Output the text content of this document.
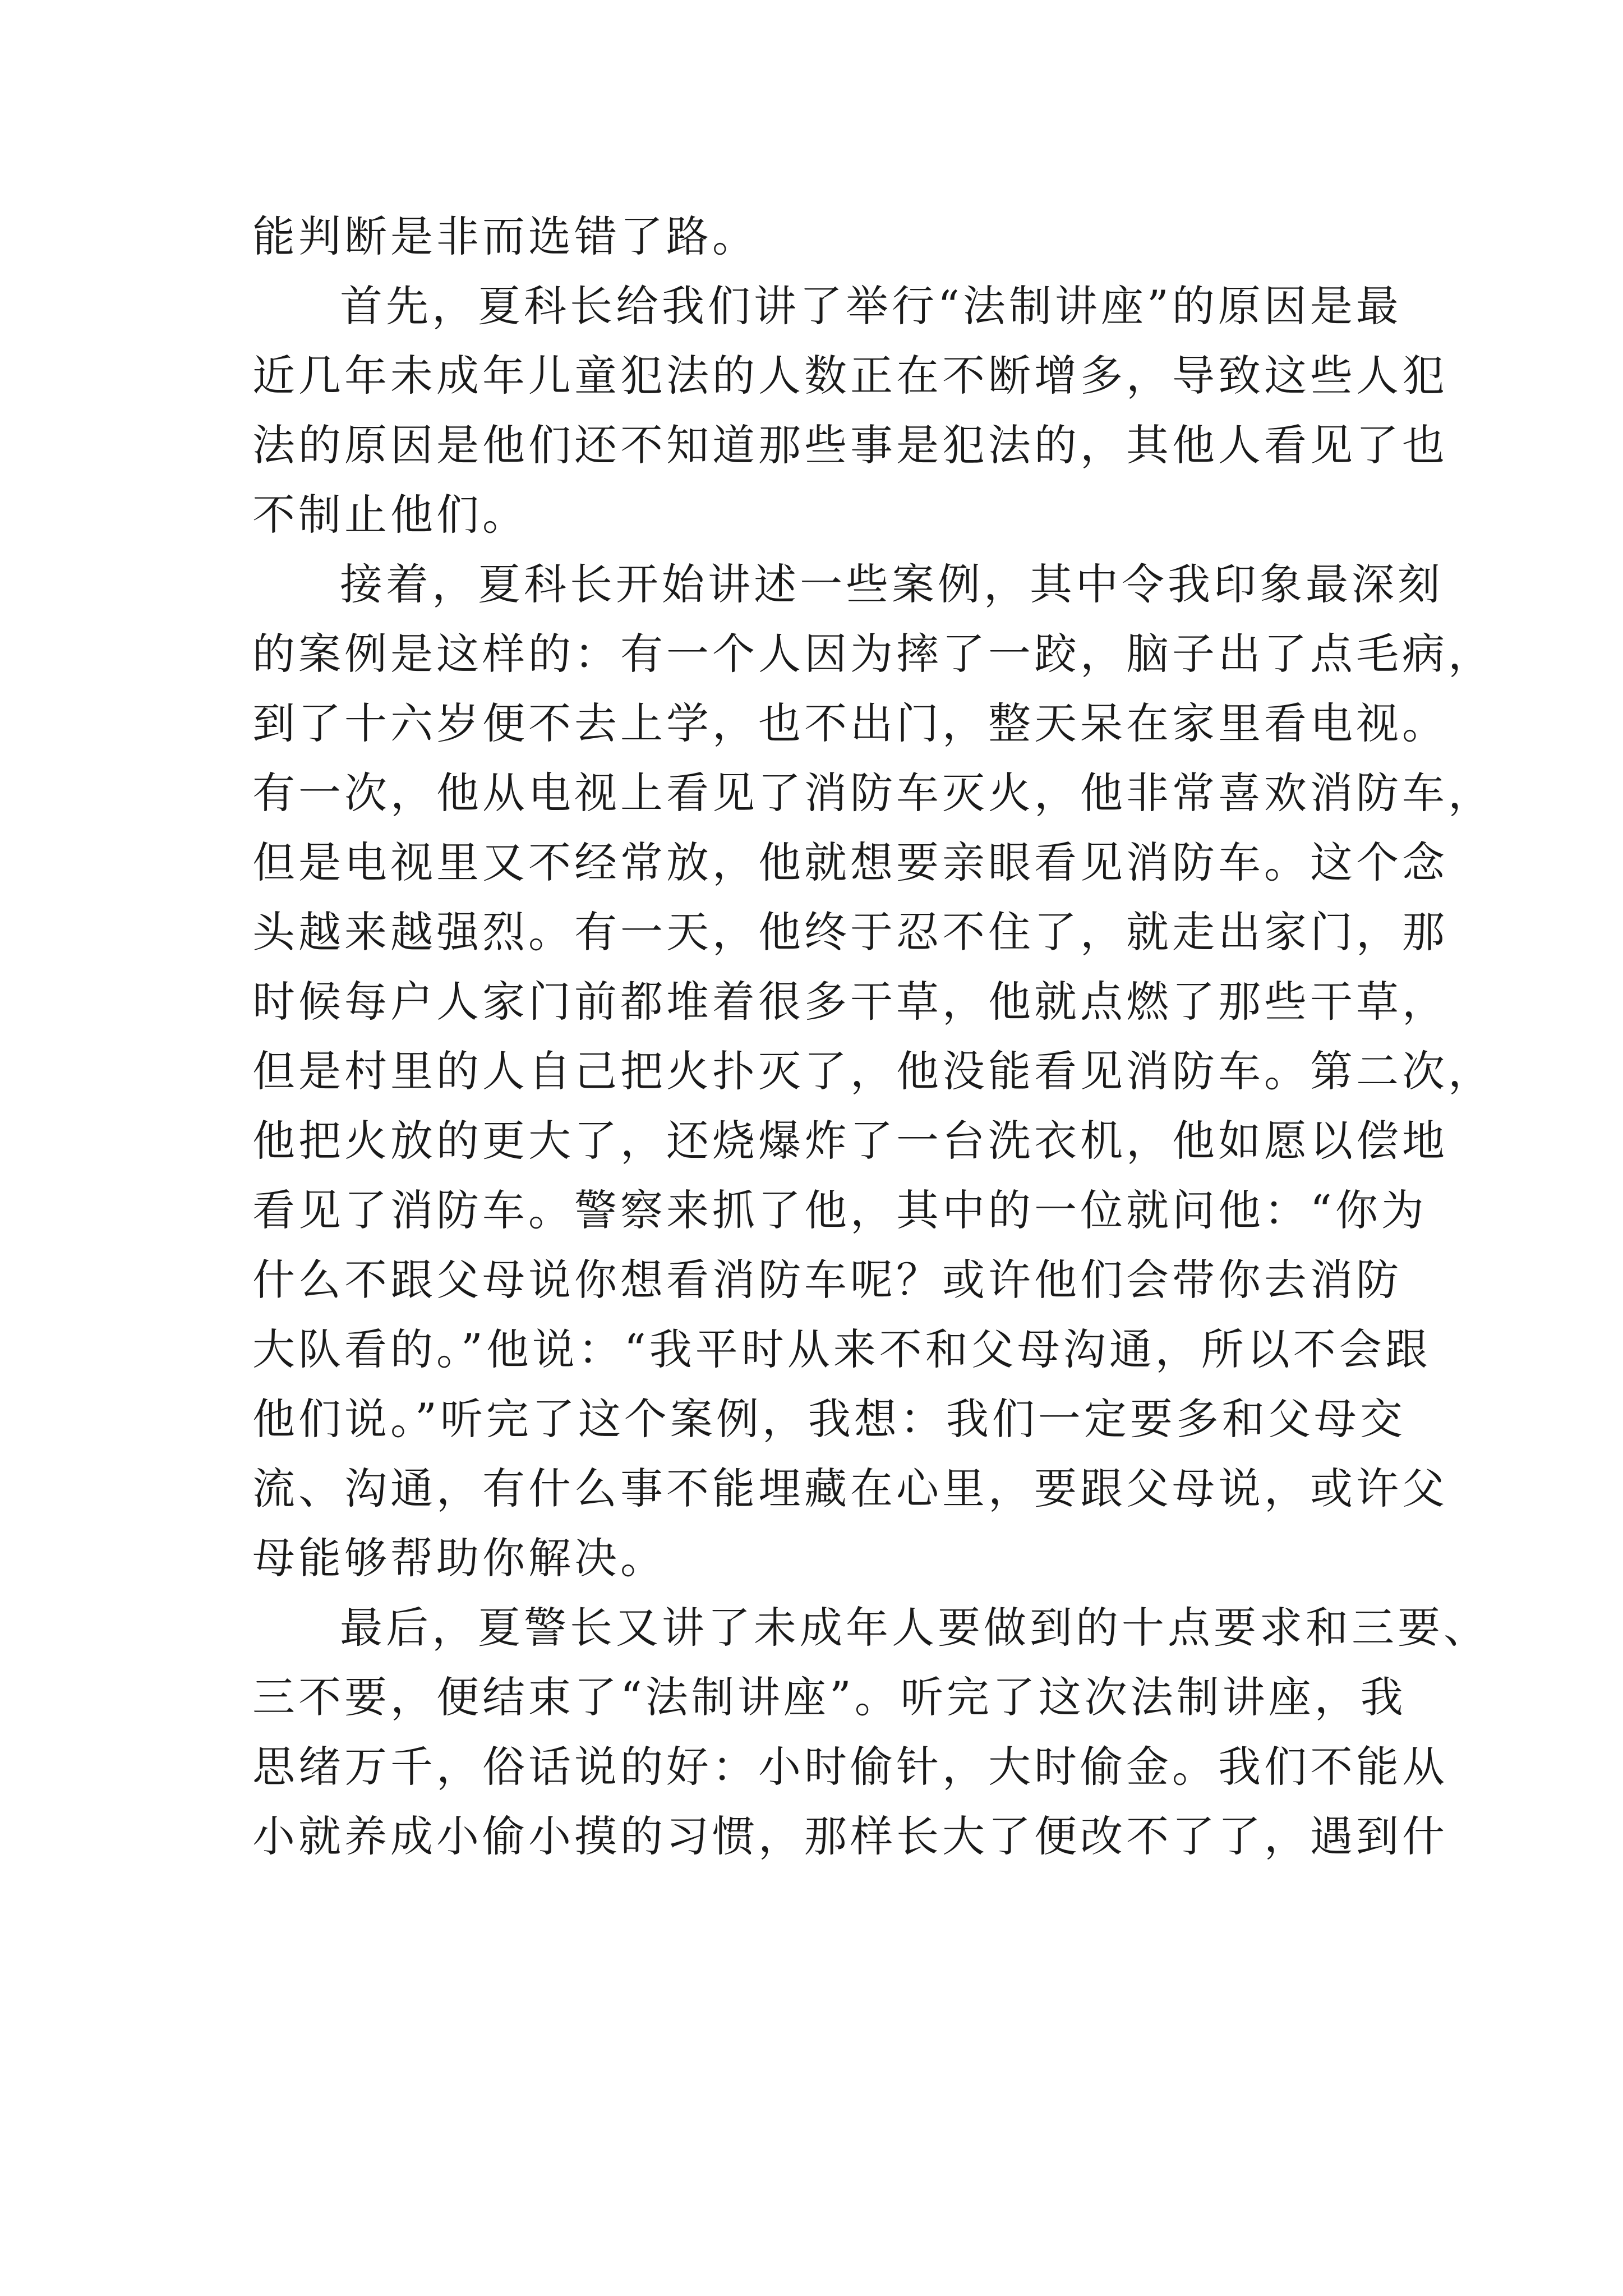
能判断是非而选错了路。
首先，夏科长给我们讲了举行“法制讲座”的原因是最
近几年未成年儿童犯法的人数正在不断增多，导致这些人犯
法的原因是他们还不知道那些事是犯法的，其他人看见了也
不制止他们。
接着，夏科长开始讲述一些案例，其中令我印象最深刻
的案例是这样的：有一个人因为摔了一跤，脑子出了点毛病，
到了十六岁便不去上学，也不出门，整天呆在家里看电视。
有一次，他从电视上看见了消防车灭火，他非常喜欢消防车，
但是电视里又不经常放，他就想要亲眼看见消防车。这个念
头越来越强烈。有一天，他终于忍不住了，就走出家门，那
时候每户人家门前都堆着很多干草，他就点燃了那些干草，
但是村里的人自己把火扑灭了，他没能看见消防车。第二次，
他把火放的更大了，还烧爆炸了一台洗衣机，他如愿以偿地
看见了消防车。警察来抓了他，其中的一位就问他：“你为
什么不跟父母说你想看消防车呢？或许他们会带你去消防
大队看的。”他说：“我平时从来不和父母沟通，所以不会跟
他们说。”听完了这个案例，我想：我们一定要多和父母交
流、沟通，有什么事不能埋藏在心里，要跟父母说，或许父
母能够帮助你解决。
最后，夏警长又讲了未成年人要做到的十点要求和三要、
三不要，便结束了“法制讲座”。听完了这次法制讲座，我
思绪万千，俗话说的好：小时偷针，大时偷金。我们不能从
小就养成小偷小摸的习惯，那样长大了便改不了了，遇到什
